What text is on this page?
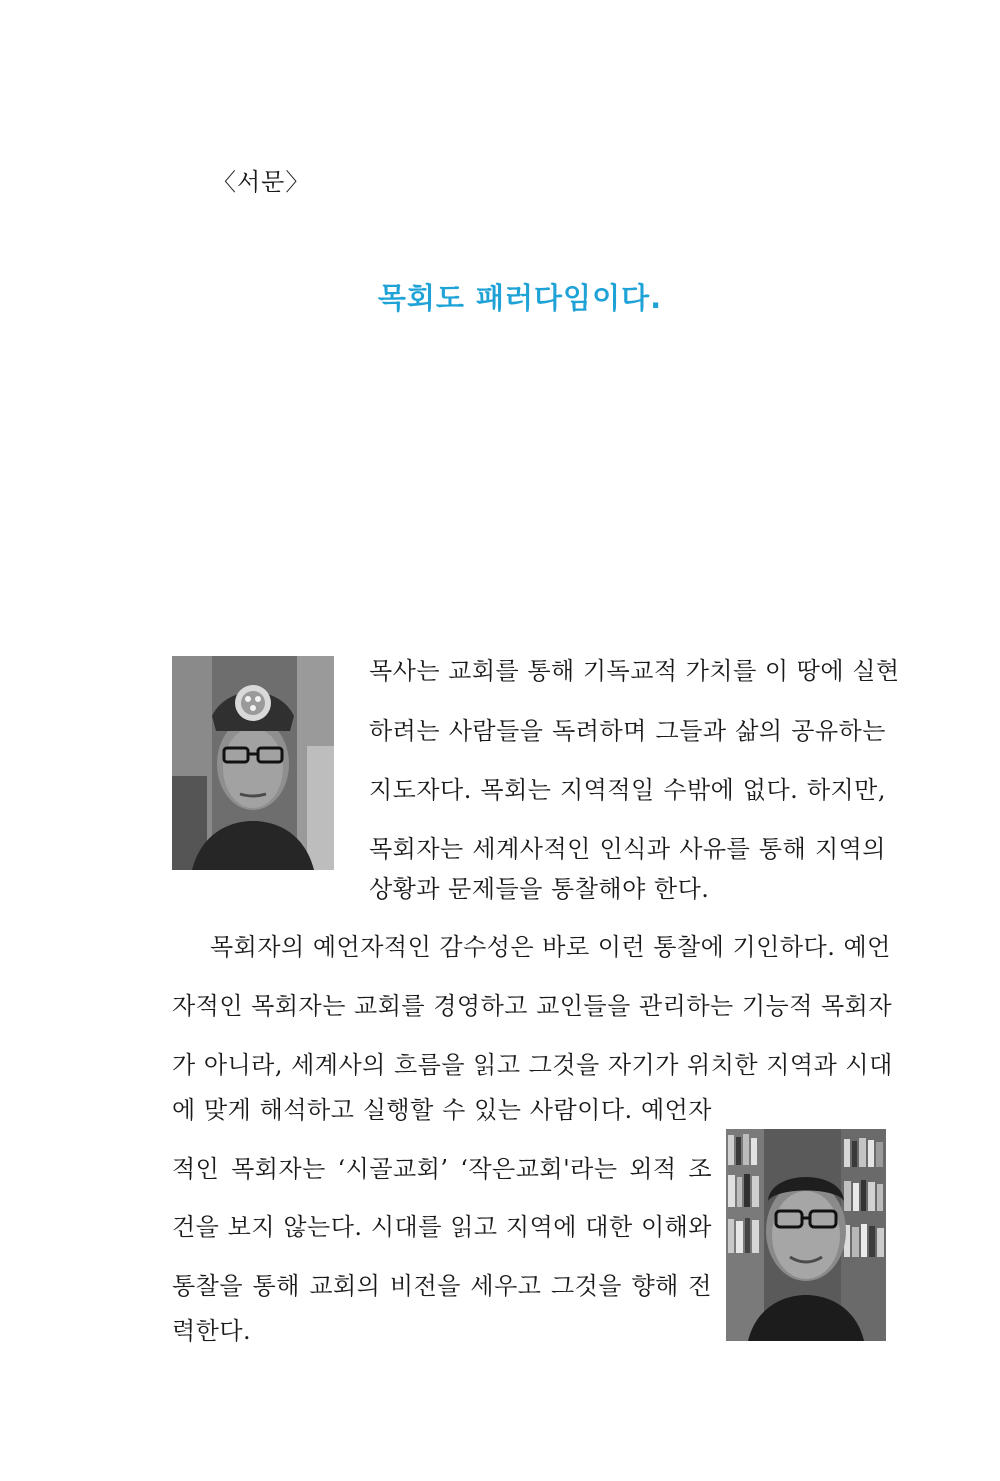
〈서문〉
목회도 패러다임이다.
목사는 교회를 통해 기독교적 가치를 이 땅에 실현
하려는 사람들을 독려하며 그들과 삶의 공유하는
지도자다. 목회는 지역적일 수밖에 없다. 하지만,
목회자는 세계사적인 인식과 사유를 통해 지역의
상황과 문제들을 통찰해야 한다.
목회자의 예언자적인 감수성은 바로 이런 통찰에 기인하다. 예언
자적인 목회자는 교회를 경영하고 교인들을 관리하는 기능적 목회자
가 아니라, 세계사의 흐름을 읽고 그것을 자기가 위치한 지역과 시대
에 맞게 해석하고 실행할 수 있는 사람이다. 예언자
적인 목회자는 ‘시골교회’ ‘작은교회'라는 외적 조
건을 보지 않는다. 시대를 읽고 지역에 대한 이해와
통찰을 통해 교회의 비전을 세우고 그것을 향해 전
력한다.
